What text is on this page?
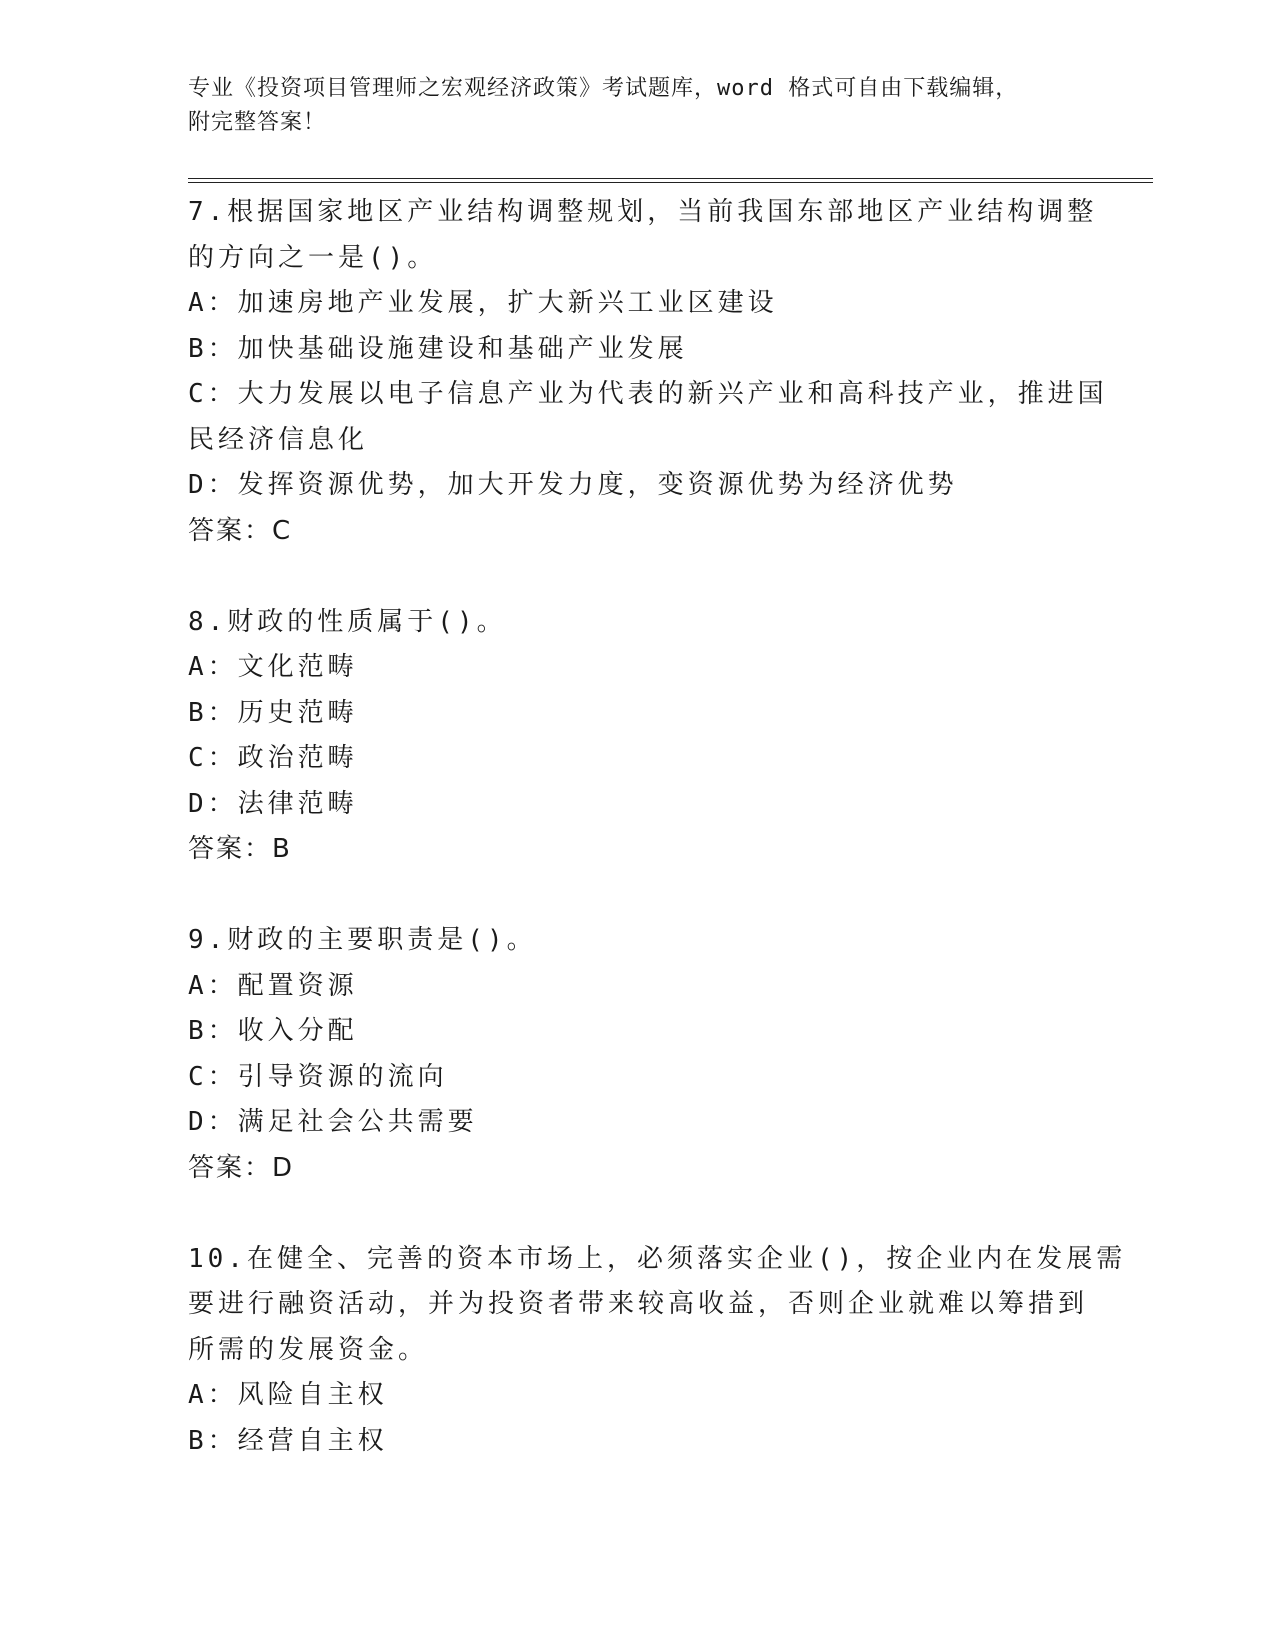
专业《投资项目管理师之宏观经济政策》考试题库，word 格式可自由下载编辑，
附完整答案！
7.根据国家地区产业结构调整规划，当前我国东部地区产业结构调整
的方向之一是()。
A：加速房地产业发展，扩大新兴工业区建设
B：加快基础设施建设和基础产业发展
C：大力发展以电子信息产业为代表的新兴产业和高科技产业，推进国
民经济信息化
D：发挥资源优势，加大开发力度，变资源优势为经济优势
答案：C
8.财政的性质属于()。
A：文化范畴
B：历史范畴
C：政治范畴
D：法律范畴
答案：B
9.财政的主要职责是()。
A：配置资源
B：收入分配
C：引导资源的流向
D：满足社会公共需要
答案：D
10.在健全、完善的资本市场上，必须落实企业()，按企业内在发展需
要进行融资活动，并为投资者带来较高收益，否则企业就难以筹措到
所需的发展资金。
A：风险自主权
B：经营自主权
